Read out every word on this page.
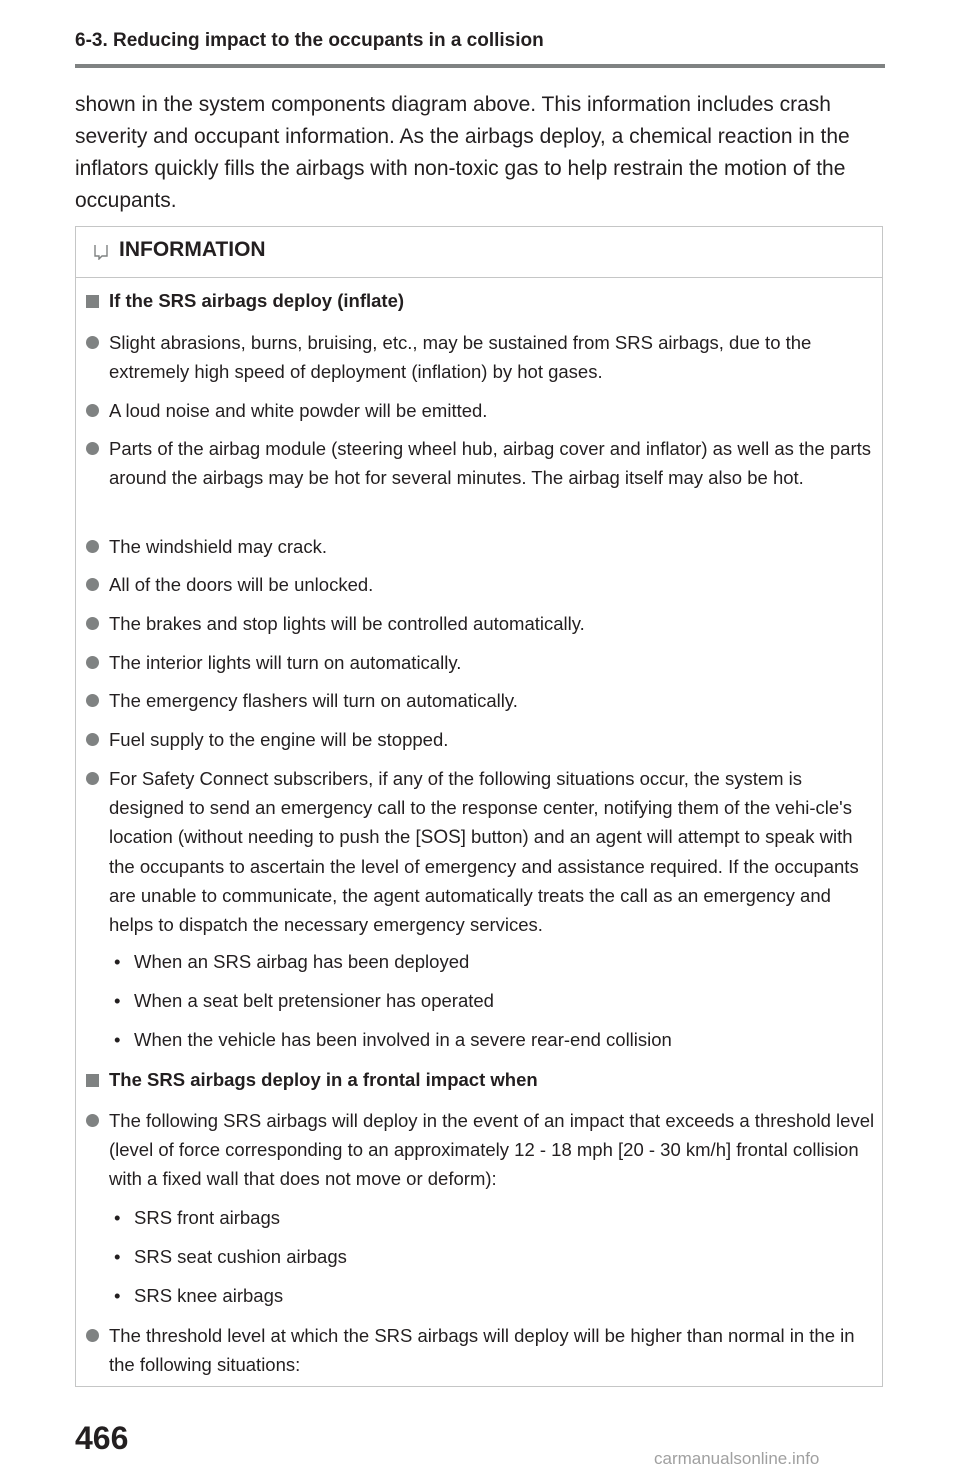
6-3. Reducing impact to the occupants in a collision
shown in the system components diagram above. This information includes crash severity and occupant information. As the airbags deploy, a chemical reaction in the inflators quickly fills the airbags with non-toxic gas to help restrain the motion of the occupants.
INFORMATION
If the SRS airbags deploy (inflate)
Slight abrasions, burns, bruising, etc., may be sustained from SRS airbags, due to the extremely high speed of deployment (inflation) by hot gases.
A loud noise and white powder will be emitted.
Parts of the airbag module (steering wheel hub, airbag cover and inflator) as well as the parts around the airbags may be hot for several minutes. The airbag itself may also be hot.
The windshield may crack.
All of the doors will be unlocked.
The brakes and stop lights will be controlled automatically.
The interior lights will turn on automatically.
The emergency flashers will turn on automatically.
Fuel supply to the engine will be stopped.
For Safety Connect subscribers, if any of the following situations occur, the system is designed to send an emergency call to the response center, notifying them of the vehi-cle's location (without needing to push the [SOS] button) and an agent will attempt to speak with the occupants to ascertain the level of emergency and assistance required. If the occupants are unable to communicate, the agent automatically treats the call as an emergency and helps to dispatch the necessary emergency services.
• When an SRS airbag has been deployed
• When a seat belt pretensioner has operated
• When the vehicle has been involved in a severe rear-end collision
The SRS airbags deploy in a frontal impact when
The following SRS airbags will deploy in the event of an impact that exceeds a threshold level (level of force corresponding to an approximately 12 - 18 mph [20 - 30 km/h] frontal collision with a fixed wall that does not move or deform):
• SRS front airbags
• SRS seat cushion airbags
• SRS knee airbags
The threshold level at which the SRS airbags will deploy will be higher than normal in the in the following situations:
466
carmanualsonline.info
